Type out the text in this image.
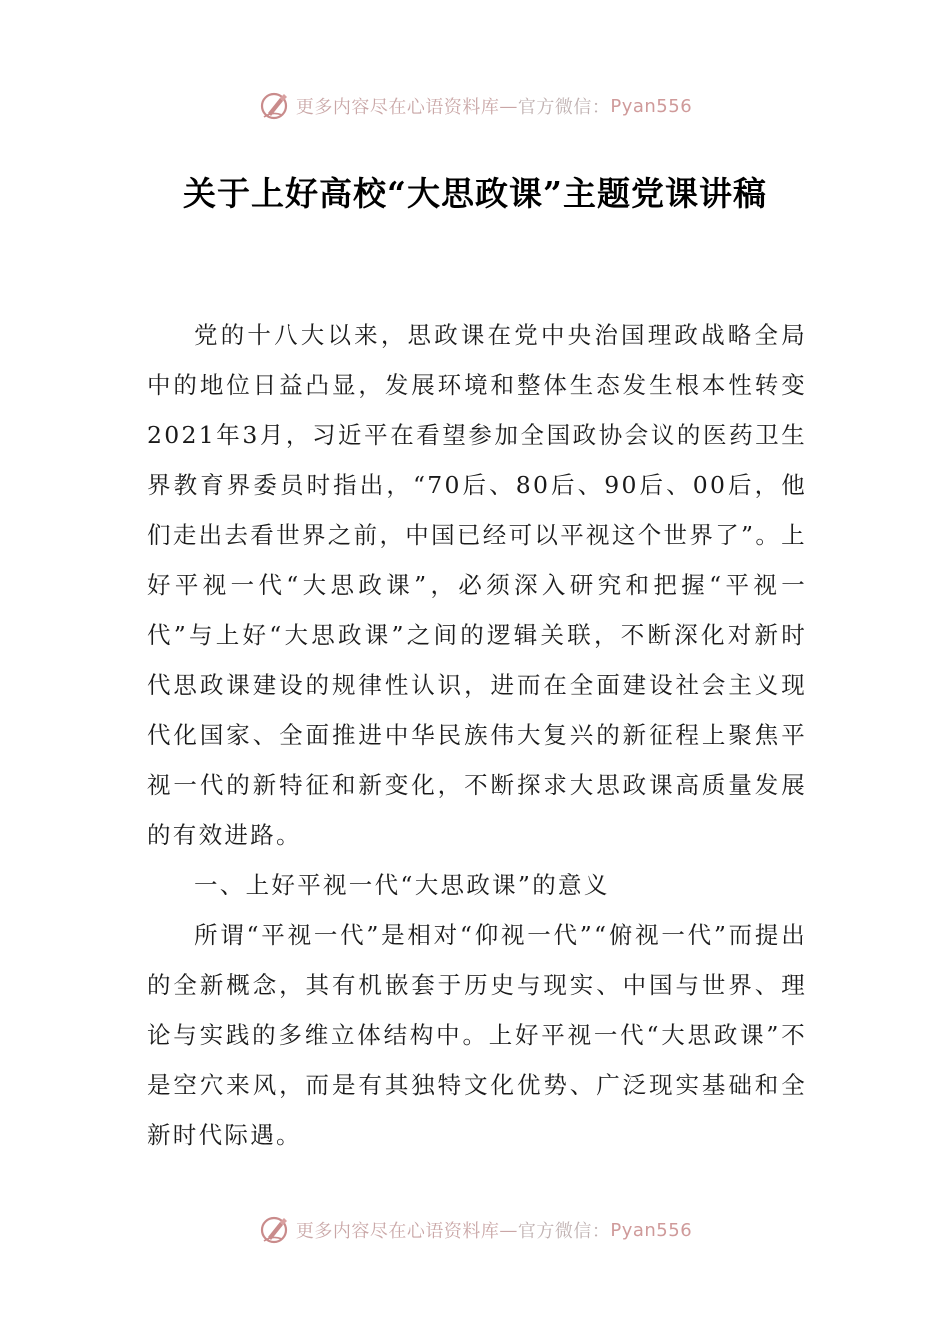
更多内容尽在心语资料库 — 官方微信： Pyan556
关于上好高校“大思政课”主题党课讲稿

党的十八大以来，思政课在党中央治国理政战略全局中的地位日益凸显，发展环境和整体生态发生根本性转变2021年3月，习近平在看望参加全国政协会议的医药卫生界教育界委员时指出，“70后、80后、90后、00后，他们走出去看世界之前，中国已经可以平视这个世界了”。上好平视一代“大思政课”，必须深入研究和把握“平视一代”与上好“大思政课”之间的逻辑关联，不断深化对新时代思政课建设的规律性认识，进而在全面建设社会主义现代化国家、全面推进中华民族伟大复兴的新征程上聚焦平视一代的新特征和新变化，不断探求大思政课高质量发展的有效进路。

一、上好平视一代“大思政课”的意义

所谓“平视一代”是相对“仰视一代”“俯视一代”而提出的全新概念，其有机嵌套于历史与现实、中国与世界、理论与实践的多维立体结构中。上好平视一代“大思政课”不是空穴来风，而是有其独特文化优势、广泛现实基础和全新时代际遇。

更多内容尽在心语资料库 — 官方微信： Pyan556
